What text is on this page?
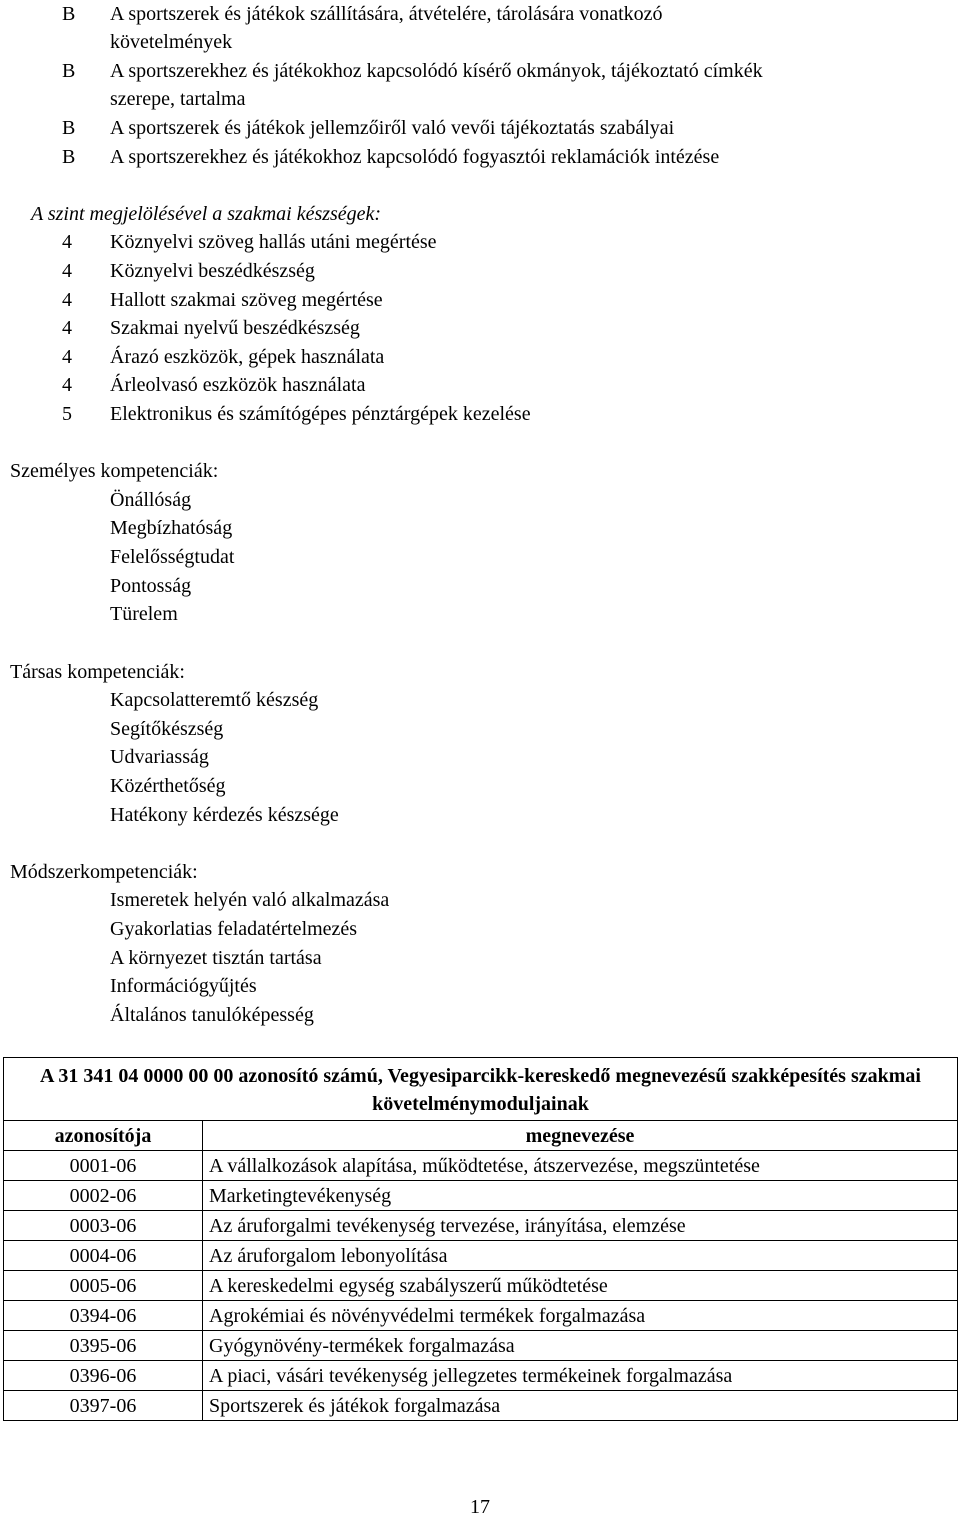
B A sportszerek és játékok szállítására, átvételére, tárolására vonatkozó
követelmények
B A sportszerekhez és játékokhoz kapcsolódó kísérő okmányok, tájékoztató címkék
szerepe, tartalma
B A sportszerek és játékok jellemzőiről való vevői tájékoztatás szabályai
B A sportszerekhez és játékokhoz kapcsolódó fogyasztói reklamációk intézése
A szint megjelölésével a szakmai készségek:
4 Köznyelvi szöveg hallás utáni megértése
4 Köznyelvi beszédkészség
4 Hallott szakmai szöveg megértése
4 Szakmai nyelvű beszédkészség
4 Árazó eszközök, gépek használata
4 Árleolvasó eszközök használata
5 Elektronikus és számítógépes pénztárgépek kezelése
Személyes kompetenciák:
Önállóság
Megbízhatóság
Felelősségtudat
Pontosság
Türelem
Társas kompetenciák:
Kapcsolatteremtő készség
Segítőkészség
Udvariasság
Közérthetőség
Hatékony kérdezés készsége
Módszerkompetenciák:
Ismeretek helyén való alkalmazása
Gyakorlatias feladatértelmezés
A környezet tisztán tartása
Információgyűjtés
Általános tanulóképesség
A 31 341 04 0000 00 00 azonosító számú, Vegyesiparcikk-kereskedő megnevezésű szakképesítés szakmai követelménymoduljainak	
azonosítója	megnevezése
0001-06	A vállalkozások alapítása, működtetése, átszervezése, megszüntetése
0002-06	Marketingtevékenység
0003-06	Az áruforgalmi tevékenység tervezése, irányítása, elemzése
0004-06	Az áruforgalom lebonyolítása
0005-06	A kereskedelmi egység szabályszerű működtetése
0394-06	Agrokémiai és növényvédelmi termékek forgalmazása
0395-06	Gyógynövény-termékek forgalmazása
0396-06	A piaci, vásári tevékenység jellegzetes termékeinek forgalmazása
0397-06	Sportszerek és játékok forgalmazása
17
